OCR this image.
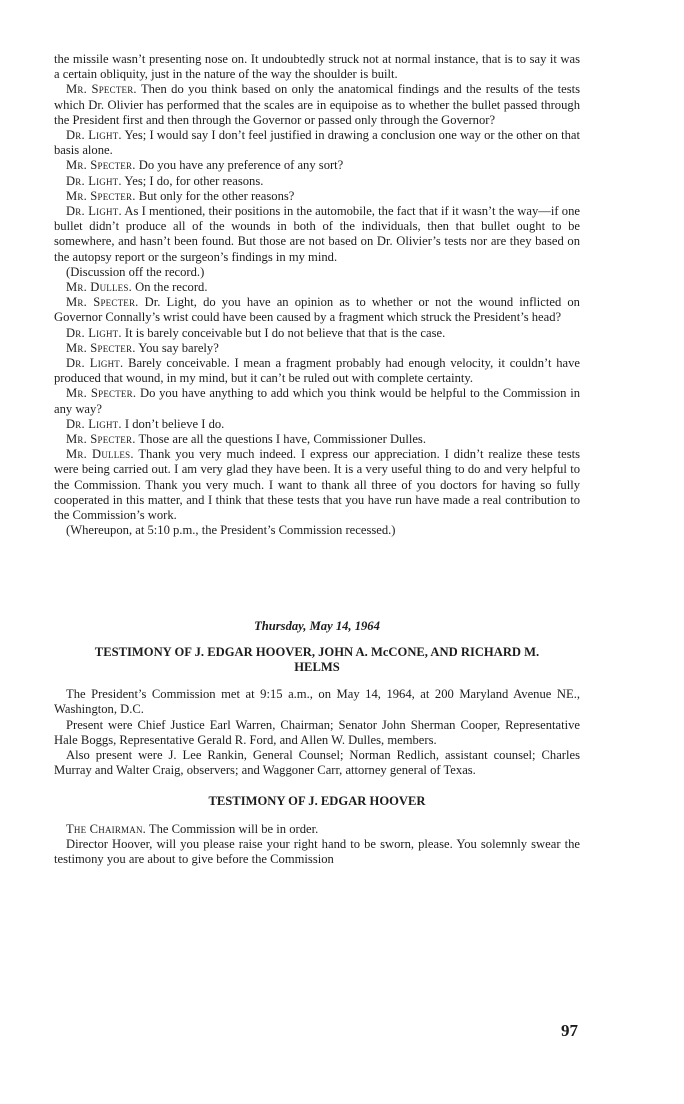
the missile wasn’t presenting nose on. It undoubtedly struck not at normal instance, that is to say it was a certain obliquity, just in the nature of the way the shoulder is built.

Mr. Specter. Then do you think based on only the anatomical findings and the results of the tests which Dr. Olivier has performed that the scales are in equipoise as to whether the bullet passed through the President first and then through the Governor or passed only through the Governor?

Dr. Light. Yes; I would say I don’t feel justified in drawing a conclusion one way or the other on that basis alone.

Mr. Specter. Do you have any preference of any sort?

Dr. Light. Yes; I do, for other reasons.

Mr. Specter. But only for the other reasons?

Dr. Light. As I mentioned, their positions in the automobile, the fact that if it wasn’t the way—if one bullet didn’t produce all of the wounds in both of the individuals, then that bullet ought to be somewhere, and hasn’t been found. But those are not based on Dr. Olivier’s tests nor are they based on the autopsy report or the surgeon’s findings in my mind.

(Discussion off the record.)

Mr. Dulles. On the record.

Mr. Specter. Dr. Light, do you have an opinion as to whether or not the wound inflicted on Governor Connally’s wrist could have been caused by a fragment which struck the President’s head?

Dr. Light. It is barely conceivable but I do not believe that that is the case.

Mr. Specter. You say barely?

Dr. Light. Barely conceivable. I mean a fragment probably had enough velocity, it couldn’t have produced that wound, in my mind, but it can’t be ruled out with complete certainty.

Mr. Specter. Do you have anything to add which you think would be helpful to the Commission in any way?

Dr. Light. I don’t believe I do.

Mr. Specter. Those are all the questions I have, Commissioner Dulles.

Mr. Dulles. Thank you very much indeed. I express our appreciation. I didn’t realize these tests were being carried out. I am very glad they have been. It is a very useful thing to do and very helpful to the Commission. Thank you very much. I want to thank all three of you doctors for having so fully cooperated in this matter, and I think that these tests that you have run have made a real contribution to the Commission’s work.

(Whereupon, at 5:10 p.m., the President’s Commission recessed.)

Thursday, May 14, 1964

TESTIMONY OF J. EDGAR HOOVER, JOHN A. McCONE, AND RICHARD M. HELMS

The President’s Commission met at 9:15 a.m., on May 14, 1964, at 200 Maryland Avenue NE., Washington, D.C.

Present were Chief Justice Earl Warren, Chairman; Senator John Sherman Cooper, Representative Hale Boggs, Representative Gerald R. Ford, and Allen W. Dulles, members.

Also present were J. Lee Rankin, General Counsel; Norman Redlich, assistant counsel; Charles Murray and Walter Craig, observers; and Waggoner Carr, attorney general of Texas.

TESTIMONY OF J. EDGAR HOOVER

The Chairman. The Commission will be in order.

Director Hoover, will you please raise your right hand to be sworn, please. You solemnly swear the testimony you are about to give before the Commission

97
